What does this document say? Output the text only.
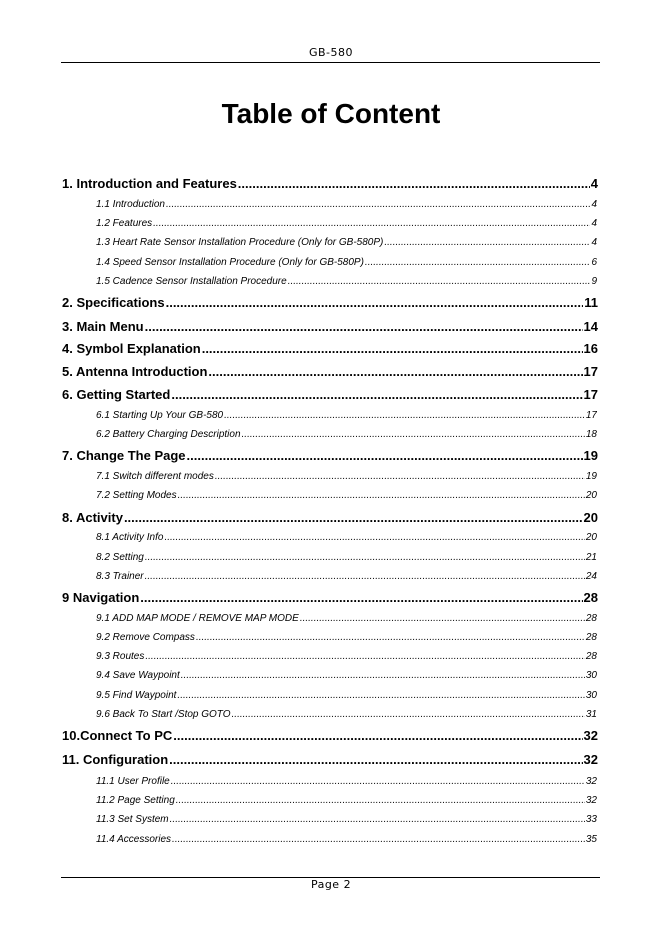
GB-580
Table of Content
1. Introduction and Features .....	4
1.1 Introduction .....	4
1.2 Features .....	4
1.3 Heart Rate Sensor Installation Procedure (Only for GB-580P) .....	4
1.4 Speed Sensor Installation Procedure (Only for GB-580P) .....	6
1.5 Cadence Sensor Installation Procedure .....	9
2. Specifications .....	11
3. Main Menu .....	14
4. Symbol Explanation .....	16
5. Antenna Introduction .....	17
6. Getting Started .....	17
6.1 Starting Up Your GB-580 .....	17
6.2 Battery Charging Description .....	18
7. Change The Page .....	19
7.1 Switch different modes .....	19
7.2 Setting Modes .....	20
8. Activity .....	20
8.1 Activity Info .....	20
8.2 Setting .....	21
8.3 Trainer .....	24
9 Navigation .....	28
9.1 ADD MAP MODE / REMOVE MAP MODE .....	28
9.2 Remove Compass .....	28
9.3 Routes .....	28
9.4 Save Waypoint .....	30
9.5 Find Waypoint .....	30
9.6 Back To Start /Stop GOTO .....	31
10.Connect To PC .....	32
11. Configuration .....	32
11.1 User Profile .....	32
11.2 Page Setting .....	32
11.3 Set System .....	33
11.4 Accessories .....	35
Page 2
